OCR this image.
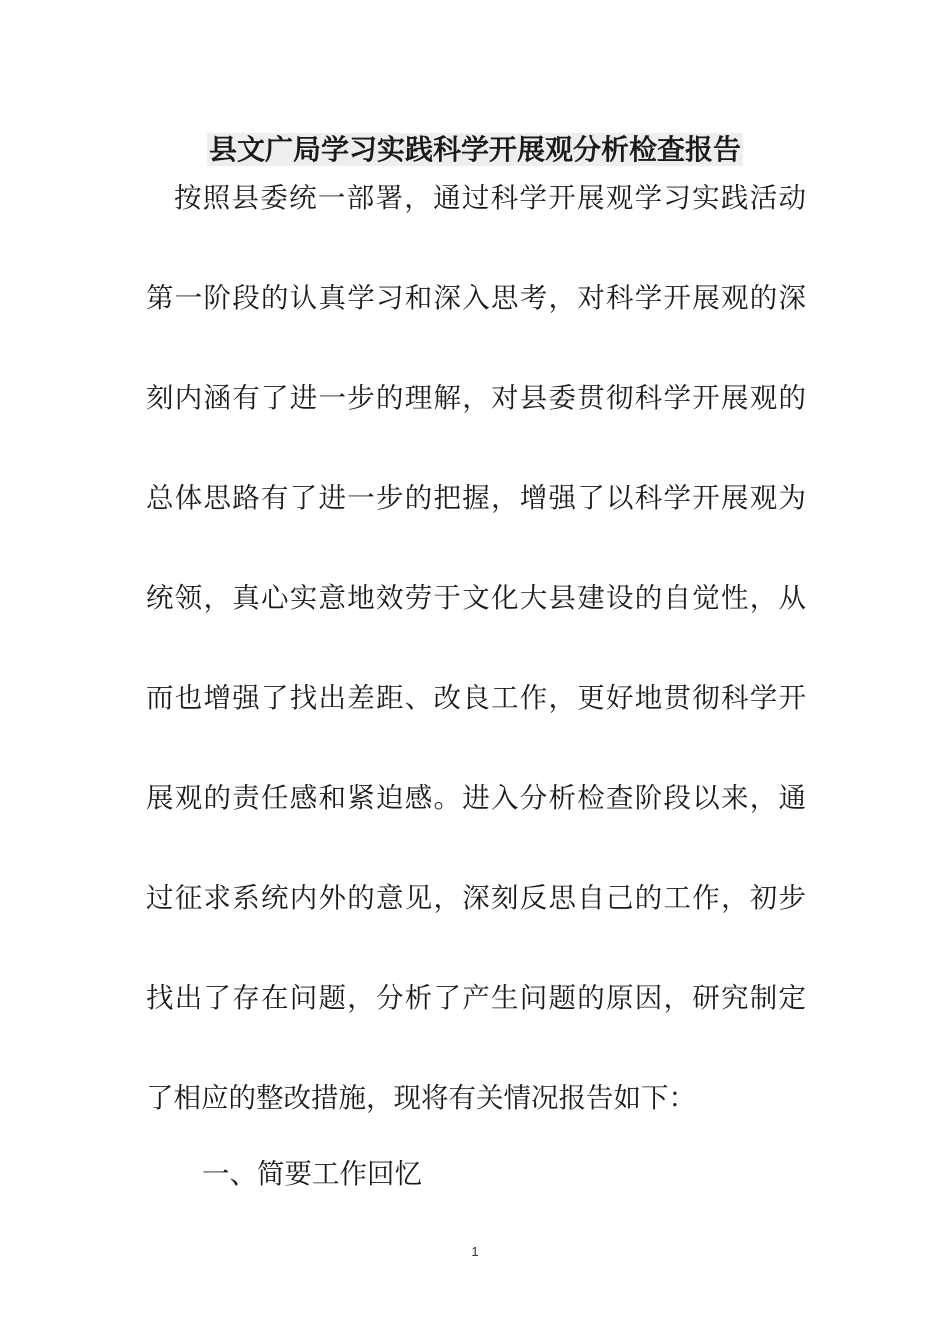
县文广局学习实践科学开展观分析检查报告
按照县委统一部署，通过科学开展观学习实践活动
第一阶段的认真学习和深入思考，对科学开展观的深
刻内涵有了进一步的理解，对县委贯彻科学开展观的
总体思路有了进一步的把握，增强了以科学开展观为
统领，真心实意地效劳于文化大县建设的自觉性，从
而也增强了找出差距、改良工作，更好地贯彻科学开
展观的责任感和紧迫感。进入分析检查阶段以来，通
过征求系统内外的意见，深刻反思自己的工作，初步
找出了存在问题，分析了产生问题的原因，研究制定
了相应的整改措施，现将有关情况报告如下：
一、简要工作回忆
1
